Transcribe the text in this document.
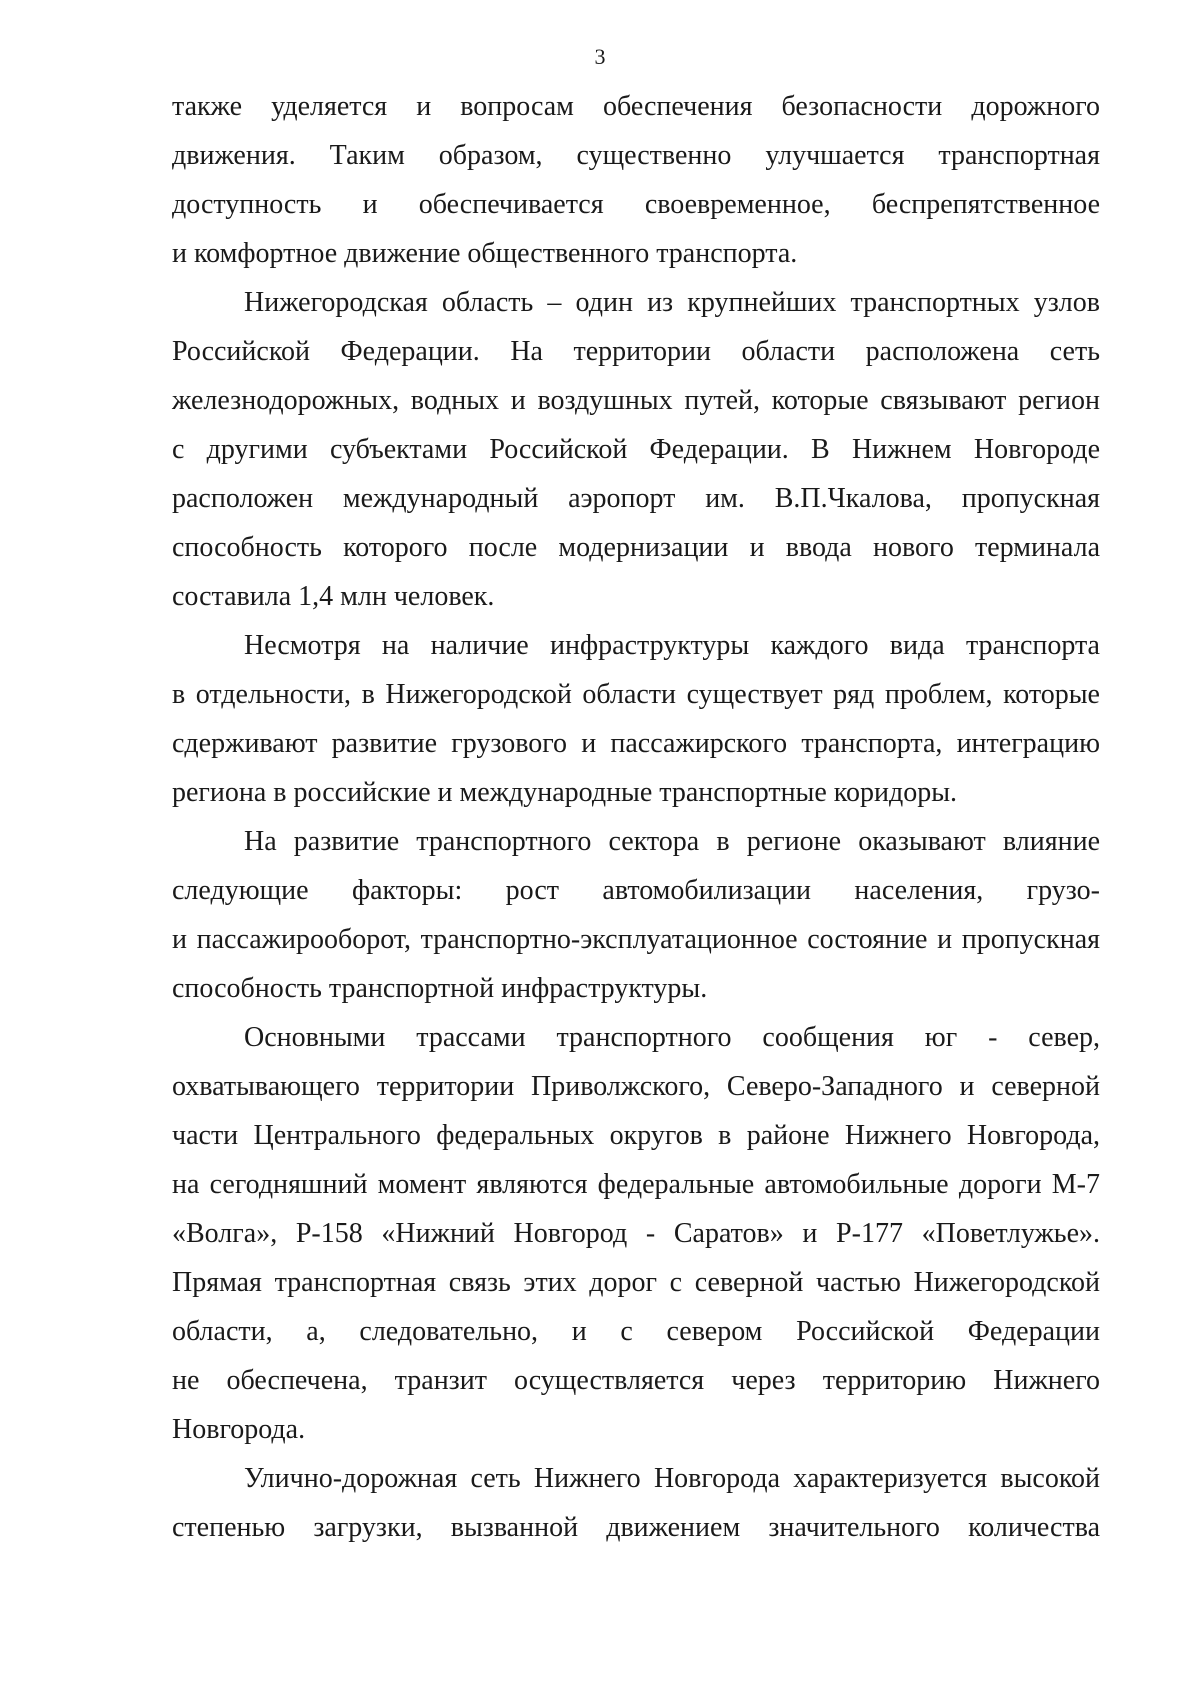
3

также уделяется и вопросам обеспечения безопасности дорожного
движения. Таким образом, существенно улучшается транспортная
доступность и обеспечивается своевременное, беспрепятственное
и комфортное движение общественного транспорта.

Нижегородская область – один из крупнейших транспортных узлов
Российской Федерации. На территории области расположена сеть
железнодорожных, водных и воздушных путей, которые связывают регион
с другими субъектами Российской Федерации. В Нижнем Новгороде
расположен международный аэропорт им. В.П.Чкалова, пропускная
способность которого после модернизации и ввода нового терминала
составила 1,4 млн человек.

Несмотря на наличие инфраструктуры каждого вида транспорта
в отдельности, в Нижегородской области существует ряд проблем, которые
сдерживают развитие грузового и пассажирского транспорта, интеграцию
региона в российские и международные транспортные коридоры.

На развитие транспортного сектора в регионе оказывают влияние
следующие факторы: рост автомобилизации населения, грузо-
и пассажирооборот, транспортно-эксплуатационное состояние и пропускная
способность транспортной инфраструктуры.

Основными трассами транспортного сообщения юг - север,
охватывающего территории Приволжского, Северо-Западного и северной
части Центрального федеральных округов в районе Нижнего Новгорода,
на сегодняшний момент являются федеральные автомобильные дороги М-7
«Волга», Р-158 «Нижний Новгород - Саратов» и Р-177 «Поветлужье».
Прямая транспортная связь этих дорог с северной частью Нижегородской
области, а, следовательно, и с севером Российской Федерации
не обеспечена, транзит осуществляется через территорию Нижнего
Новгорода.

Улично-дорожная сеть Нижнего Новгорода характеризуется высокой
степенью загрузки, вызванной движением значительного количества
